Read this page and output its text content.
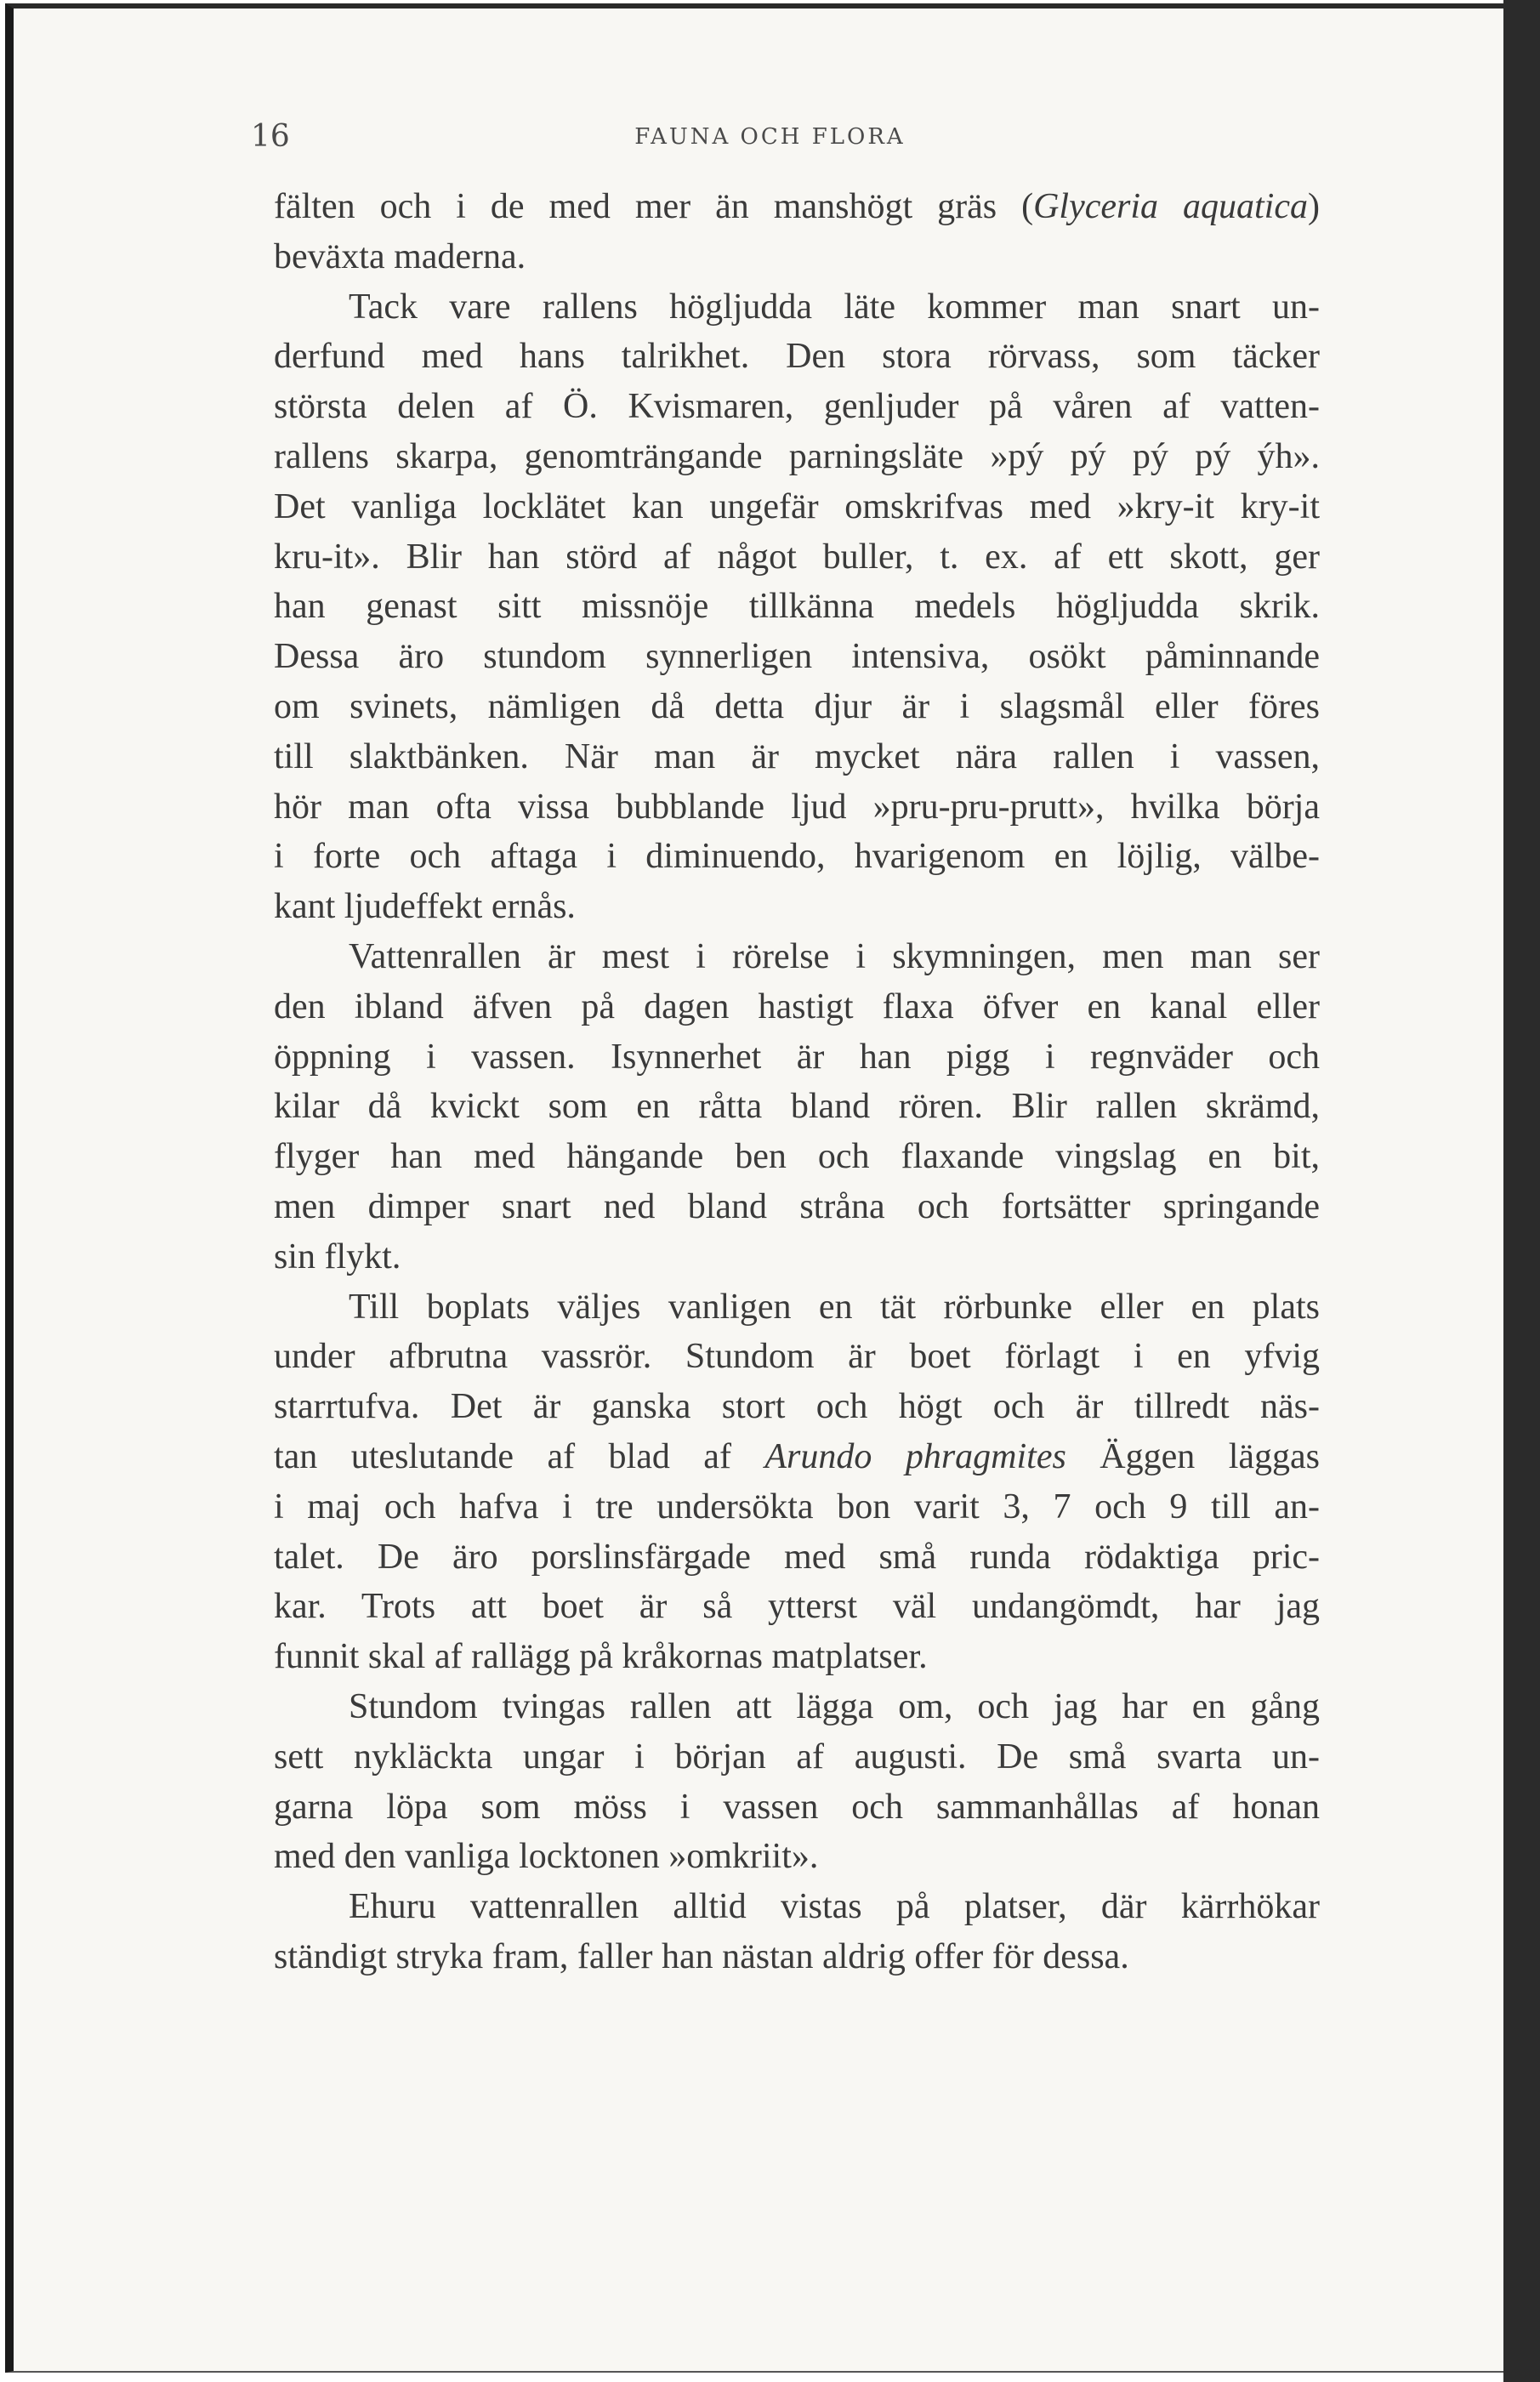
16	FAUNA OCH FLORA

fälten och i de med mer än manshögt gräs (Glyceria aquatica)
beväxta maderna.

Tack vare rallens högljudda läte kommer man snart un-
derfund med hans talrikhet. Den stora rörvass, som täcker
största delen af Ö. Kvismaren, genljuder på våren af vatten-
rallens skarpa, genomträngande parningsläte »pý pý pý pý ýh».
Det vanliga locklätet kan ungefär omskrifvas med »kry-it kry-it
kru-it». Blir han störd af något buller, t. ex. af ett skott, ger
han genast sitt missnöje tillkänna medels högljudda skrik.
Dessa äro stundom synnerligen intensiva, osökt påminnande
om svinets, nämligen då detta djur är i slagsmål eller föres
till slaktbänken. När man är mycket nära rallen i vassen,
hör man ofta vissa bubblande ljud »pru-pru-prutt», hvilka börja
i forte och aftaga i diminuendo, hvarigenom en löjlig, välbe-
kant ljudeffekt ernås.

Vattenrallen är mest i rörelse i skymningen, men man ser
den ibland äfven på dagen hastigt flaxa öfver en kanal eller
öppning i vassen. Isynnerhet är han pigg i regnväder och
kilar då kvickt som en råtta bland rören. Blir rallen skrämd,
flyger han med hängande ben och flaxande vingslag en bit,
men dimper snart ned bland stråna och fortsätter springande
sin flykt.

Till boplats väljes vanligen en tät rörbunke eller en plats
under afbrutna vassrör. Stundom är boet förlagt i en yfvig
starrtufva. Det är ganska stort och högt och är tillredt näs-
tan uteslutande af blad af Arundo phragmites Äggen läggas
i maj och hafva i tre undersökta bon varit 3, 7 och 9 till an-
talet. De äro porslinsfärgade med små runda rödaktiga pric-
kar. Trots att boet är så ytterst väl undangömdt, har jag
funnit skal af rallägg på kråkornas matplatser.

Stundom tvingas rallen att lägga om, och jag har en gång
sett nykläckta ungar i början af augusti. De små svarta un-
garna löpa som möss i vassen och sammanhållas af honan
med den vanliga locktonen »omkriit».

Ehuru vattenrallen alltid vistas på platser, där kärrhökar
ständigt stryka fram, faller han nästan aldrig offer för dessa.
